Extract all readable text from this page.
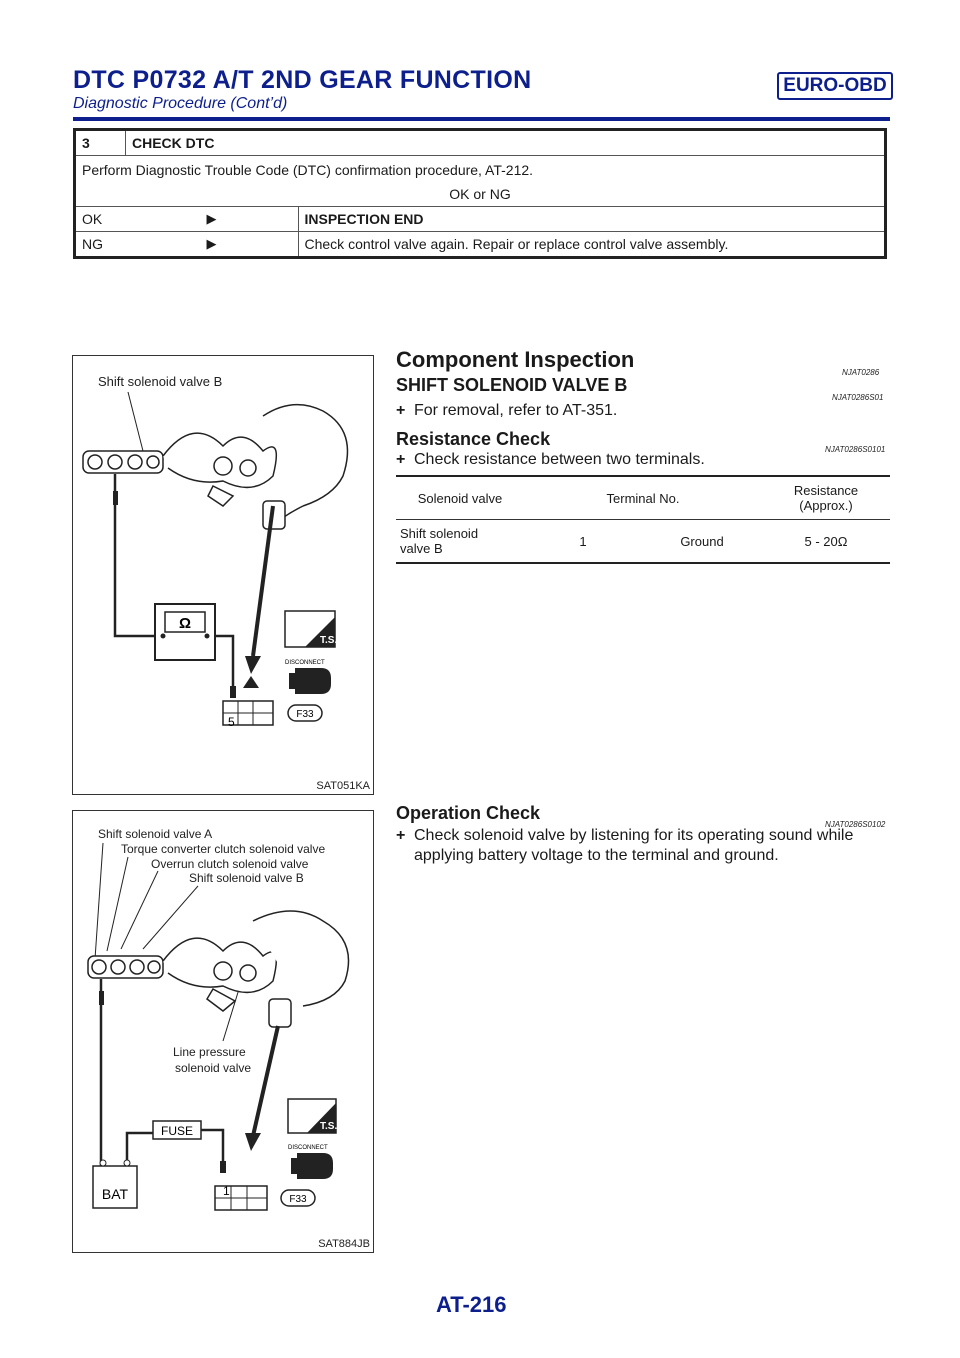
DTC P0732 A/T 2ND GEAR FUNCTION	EURO-OBD
Diagnostic Procedure (Cont’d)
3	CHECK DTC	

Perform Diagnostic Trouble Code (DTC) confirmation procedure, AT-212.
OK or NG		

OK	▶	INSPECTION END
NG	▶	Check control valve again. Repair or replace control valve assembly.
Shift solenoid valve B
Ω
5
F33
T.S.
DISCONNECT
SAT051KA
Shift solenoid valve A
Torque converter clutch solenoid valve
Overrun clutch solenoid valve
Shift solenoid valve B
Line pressure
solenoid valve
BAT
FUSE
1
F33
T.S.
DISCONNECT
SAT884JB
Component Inspection
NJAT0286
SHIFT SOLENOID VALVE B
NJAT0286S01
+ For removal, refer to AT-351.
Resistance Check
NJAT0286S0101
+ Check resistance between two terminals.
Solenoid valve	Terminal No.		Resistance
(Approx.)

Shift solenoid
valve B	1	Ground	5 - 20Ω
Operation Check
NJAT0286S0102
+ Check solenoid valve by listening for its operating sound while
applying battery voltage to the terminal and ground.
AT-216
